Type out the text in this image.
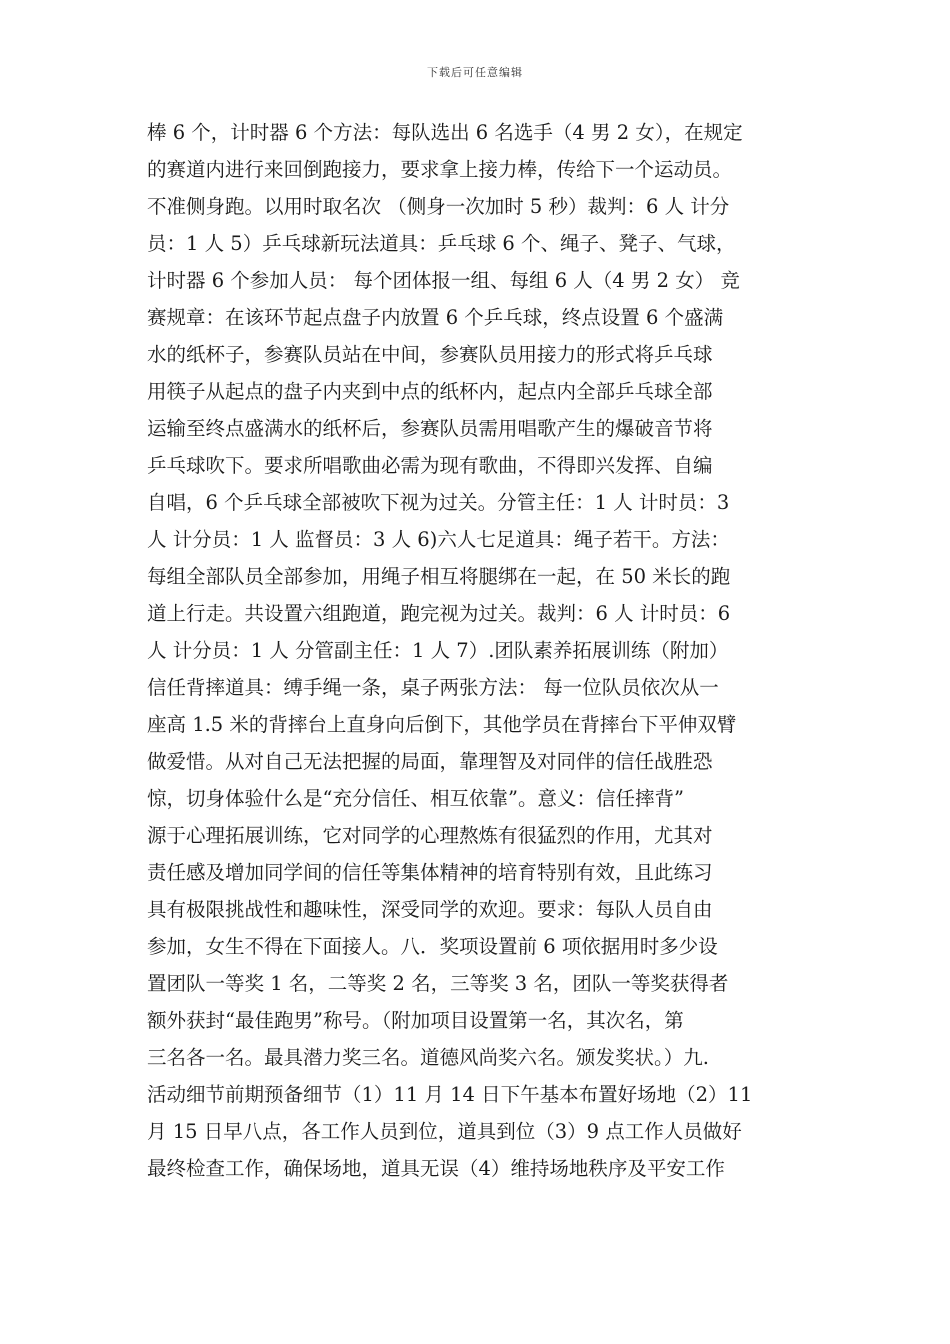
下载后可任意编辑
棒 6 个，计时器 6 个方法：每队选出 6 名选手（4 男 2 女），在规定
的赛道内进行来回倒跑接力，要求拿上接力棒，传给下一个运动员。
不准侧身跑。以用时取名次 （侧身一次加时 5 秒）裁判：6 人 计分
员：1 人 5）乒乓球新玩法道具：乒乓球 6 个、绳子、凳子、气球，
计时器 6 个参加人员： 每个团体报一组、每组 6 人（4 男 2 女） 竞
赛规章：在该环节起点盘子内放置 6 个乒乓球，终点设置 6 个盛满
水的纸杯子，参赛队员站在中间，参赛队员用接力的形式将乒乓球
用筷子从起点的盘子内夹到中点的纸杯内，起点内全部乒乓球全部
运输至终点盛满水的纸杯后，参赛队员需用唱歌产生的爆破音节将
乒乓球吹下。要求所唱歌曲必需为现有歌曲，不得即兴发挥、自编
自唱，6 个乒乓球全部被吹下视为过关。分管主任：1 人 计时员：3
人 计分员：1 人 监督员：3 人 6)六人七足道具：绳子若干。方法：
每组全部队员全部参加，用绳子相互将腿绑在一起，在 50 米长的跑
道上行走。共设置六组跑道，跑完视为过关。裁判：6 人 计时员：6
人 计分员：1 人 分管副主任：1 人 7）.团队素养拓展训练（附加）
信任背摔道具：缚手绳一条，桌子两张方法： 每一位队员依次从一
座高 1.5 米的背摔台上直身向后倒下，其他学员在背摔台下平伸双臂
做爱惜。从对自己无法把握的局面，靠理智及对同伴的信任战胜恐
惊，切身体验什么是“充分信任、相互依靠”。意义：信任摔背”
源于心理拓展训练，它对同学的心理熬炼有很猛烈的作用，尤其对
责任感及增加同学间的信任等集体精神的培育特别有效，且此练习
具有极限挑战性和趣味性，深受同学的欢迎。要求：每队人员自由
参加，女生不得在下面接人。八．奖项设置前 6 项依据用时多少设
置团队一等奖 1 名，二等奖 2 名，三等奖 3 名，团队一等奖获得者
额外获封“最佳跑男”称号。（附加项目设置第一名，其次名，第
三名各一名。最具潜力奖三名。道德风尚奖六名。颁发奖状。）九.
活动细节前期预备细节（1）11 月 14 日下午基本布置好场地（2）11
月 15 日早八点，各工作人员到位，道具到位（3）9 点工作人员做好
最终检查工作，确保场地，道具无误（4）维持场地秩序及平安工作
